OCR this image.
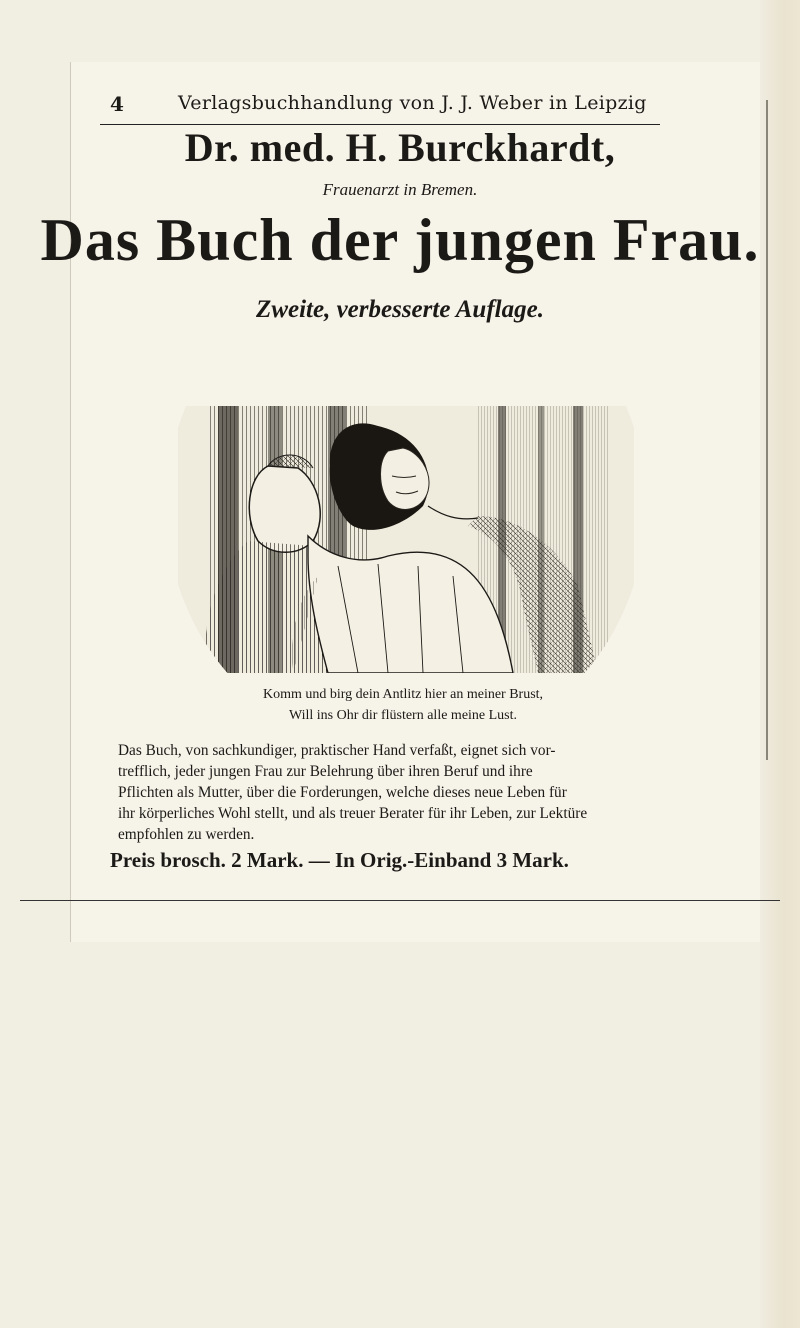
4	Verlagsbuchhandlung von J. J. Weber in Leipzig
Dr. med. H. Burckhardt,
Frauenarzt in Bremen.
Das Buch der jungen Frau.
Zweite, verbesserte Auflage.
Komm und birg dein Antlitz hier an meiner Brust,
Will ins Ohr dir flüstern alle meine Lust.
Das Buch, von sachkundiger, praktischer Hand verfaßt, eignet sich vor-
trefflich, jeder jungen Frau zur Belehrung über ihren Beruf und ihre
Pflichten als Mutter, über die Forderungen, welche dieses neue Leben für
ihr körperliches Wohl stellt, und als treuer Berater für ihr Leben, zur Lektüre
empfohlen zu werden.
Preis brosch. 2 Mark. — In Orig.-Einband 3 Mark.
